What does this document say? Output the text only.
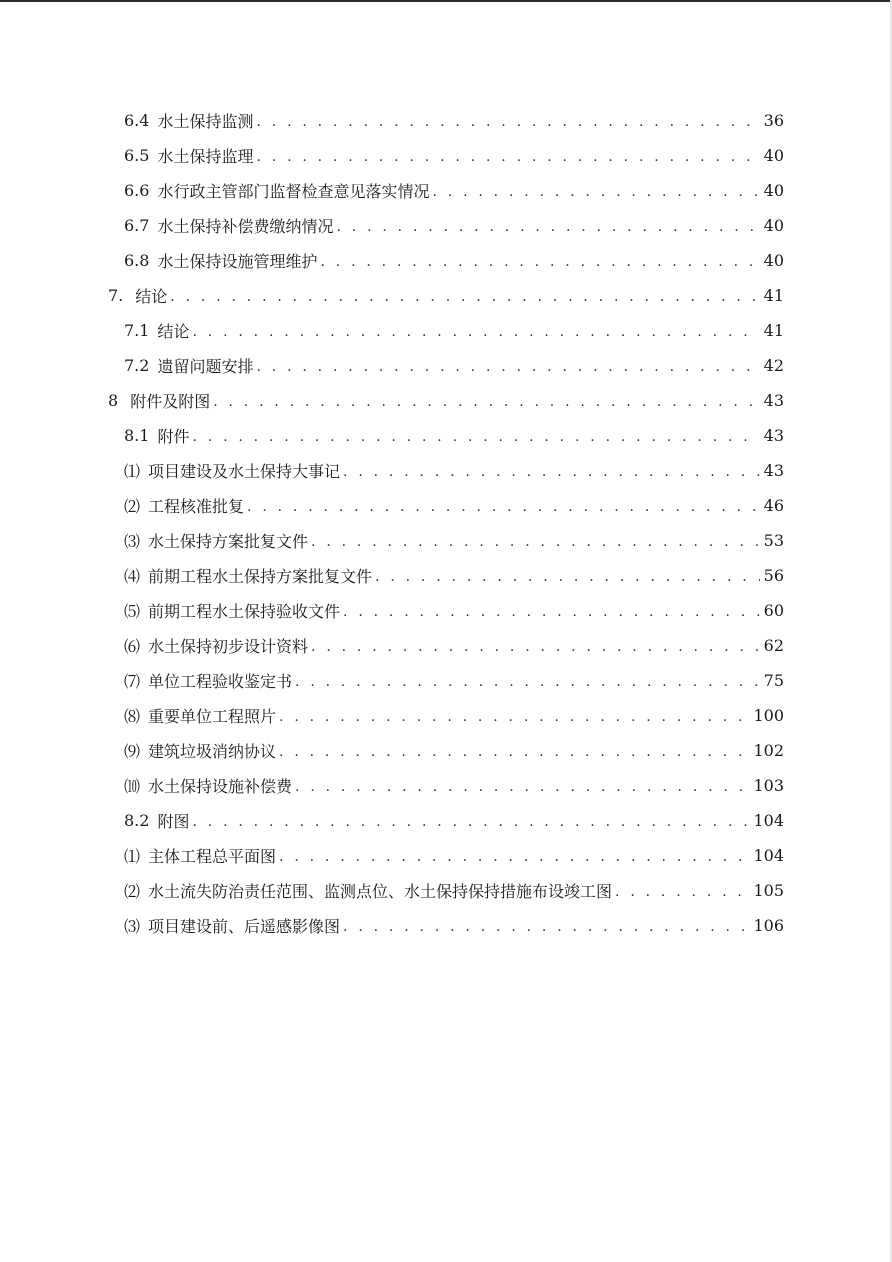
6.4 水土保持监测 . . .	36
6.5 水土保持监理 . . .	40
6.6 水行政主管部门监督检查意见落实情况 . . .	40
6.7 水土保持补偿费缴纳情况 . . .	40
6.8 水土保持设施管理维护 . . .	40
7. 结论 . . .	41
7.1 结论 . . .	41
7.2 遗留问题安排 . . .	42
8 附件及附图 . . .	43
8.1 附件 . . .	43
⑴ 项目建设及水土保持大事记 . . .	43
⑵ 工程核准批复 . . .	46
⑶ 水土保持方案批复文件 . . .	53
⑷ 前期工程水土保持方案批复文件 . . .	56
⑸ 前期工程水土保持验收文件 . . .	60
⑹ 水土保持初步设计资料 . . .	62
⑺ 单位工程验收鉴定书 . . .	75
⑻ 重要单位工程照片 . . .	100
⑼ 建筑垃圾消纳协议 . . .	102
⑽ 水土保持设施补偿费 . . .	103
8.2 附图 . . .	104
⑴ 主体工程总平面图 . . .	104
⑵ 水土流失防治责任范围、监测点位、水土保持保持措施布设竣工图 . . .	105
⑶ 项目建设前、后遥感影像图 . . .	106
